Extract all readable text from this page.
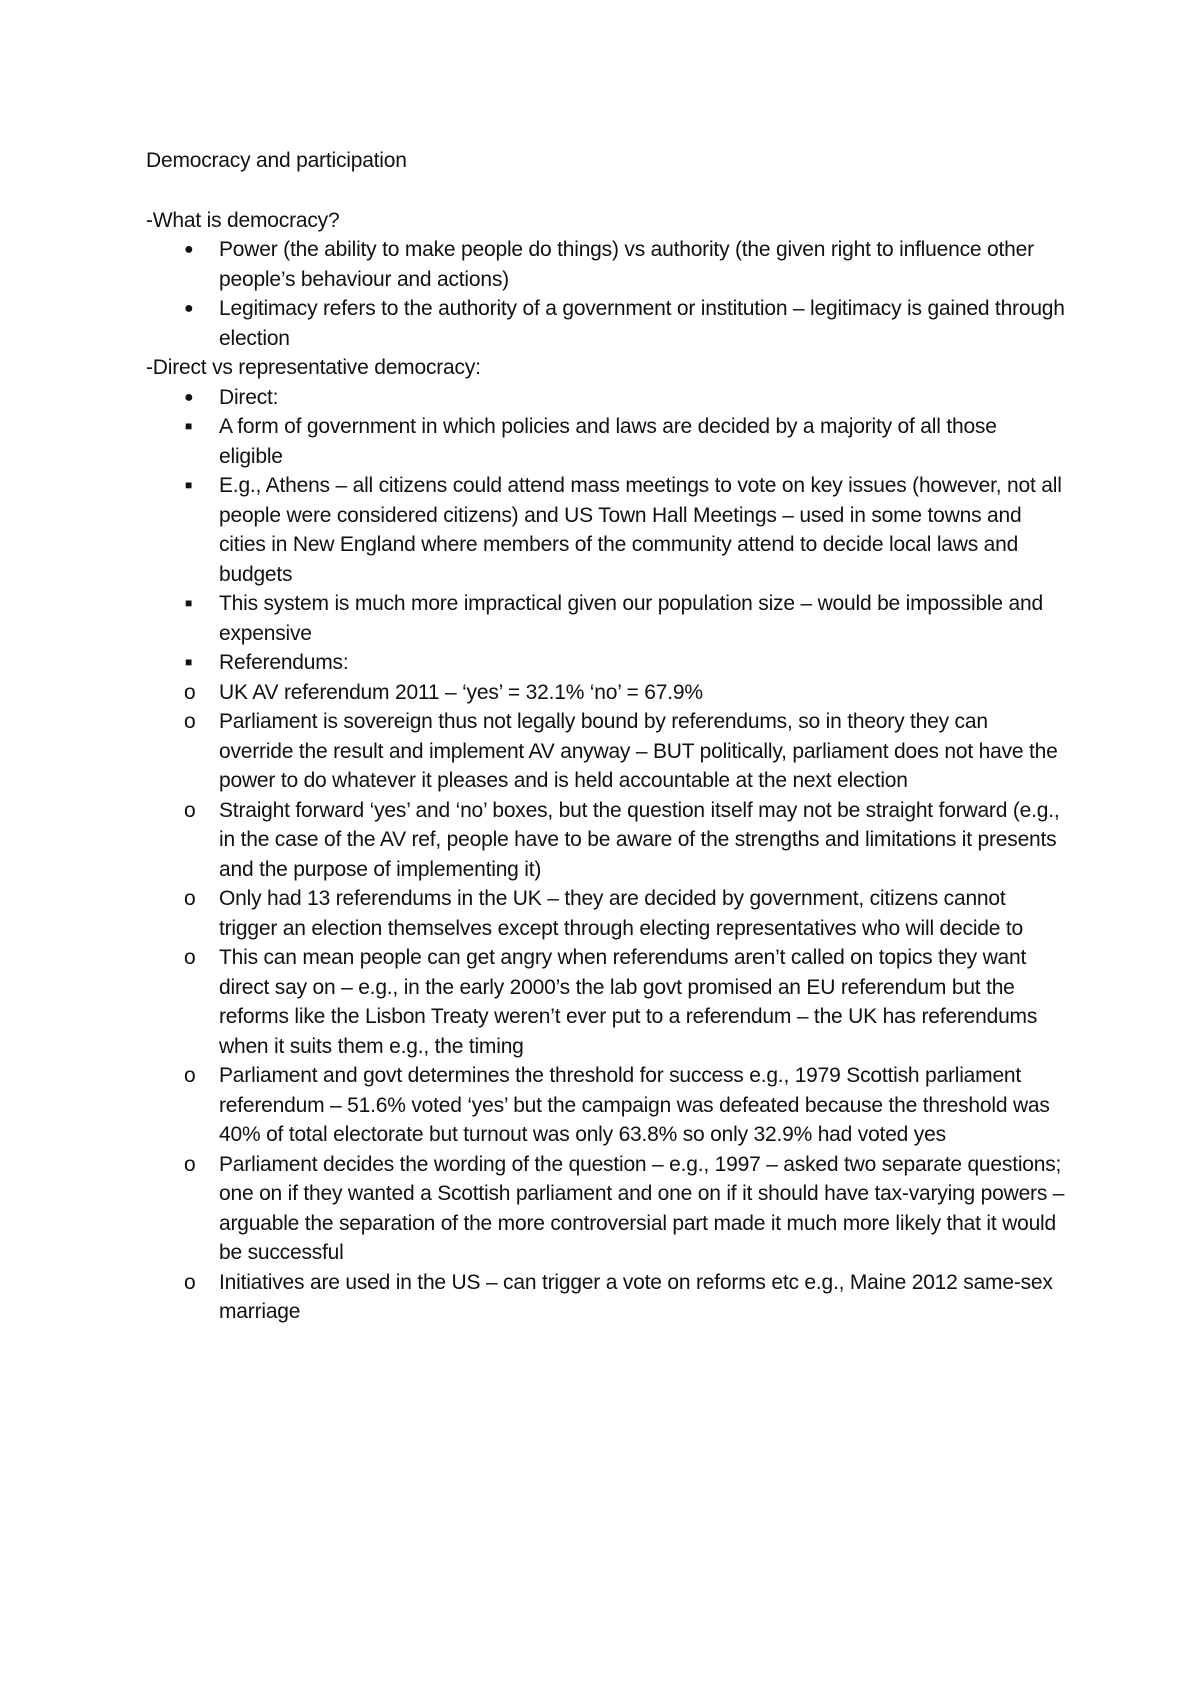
Democracy and participation
-What is democracy?
● Power (the ability to make people do things) vs authority (the given right to influence other people’s behaviour and actions)
● Legitimacy refers to the authority of a government or institution – legitimacy is gained through election
-Direct vs representative democracy:
● Direct:
■ A form of government in which policies and laws are decided by a majority of all those eligible
■ E.g., Athens – all citizens could attend mass meetings to vote on key issues (however, not all people were considered citizens) and US Town Hall Meetings – used in some towns and cities in New England where members of the community attend to decide local laws and budgets
■ This system is much more impractical given our population size – would be impossible and expensive
■ Referendums:
o UK AV referendum 2011 – ‘yes’ = 32.1% ‘no’ = 67.9%
o Parliament is sovereign thus not legally bound by referendums, so in theory they can override the result and implement AV anyway – BUT politically, parliament does not have the power to do whatever it pleases and is held accountable at the next election
o Straight forward ‘yes’ and ‘no’ boxes, but the question itself may not be straight forward (e.g., in the case of the AV ref, people have to be aware of the strengths and limitations it presents and the purpose of implementing it)
o Only had 13 referendums in the UK – they are decided by government, citizens cannot trigger an election themselves except through electing representatives who will decide to
o This can mean people can get angry when referendums aren’t called on topics they want direct say on – e.g., in the early 2000’s the lab govt promised an EU referendum but the reforms like the Lisbon Treaty weren’t ever put to a referendum – the UK has referendums when it suits them e.g., the timing
o Parliament and govt determines the threshold for success e.g., 1979 Scottish parliament referendum – 51.6% voted ‘yes’ but the campaign was defeated because the threshold was 40% of total electorate but turnout was only 63.8% so only 32.9% had voted yes
o Parliament decides the wording of the question – e.g., 1997 – asked two separate questions; one on if they wanted a Scottish parliament and one on if it should have tax-varying powers – arguable the separation of the more controversial part made it much more likely that it would be successful
o Initiatives are used in the US – can trigger a vote on reforms etc e.g., Maine 2012 same-sex marriage
